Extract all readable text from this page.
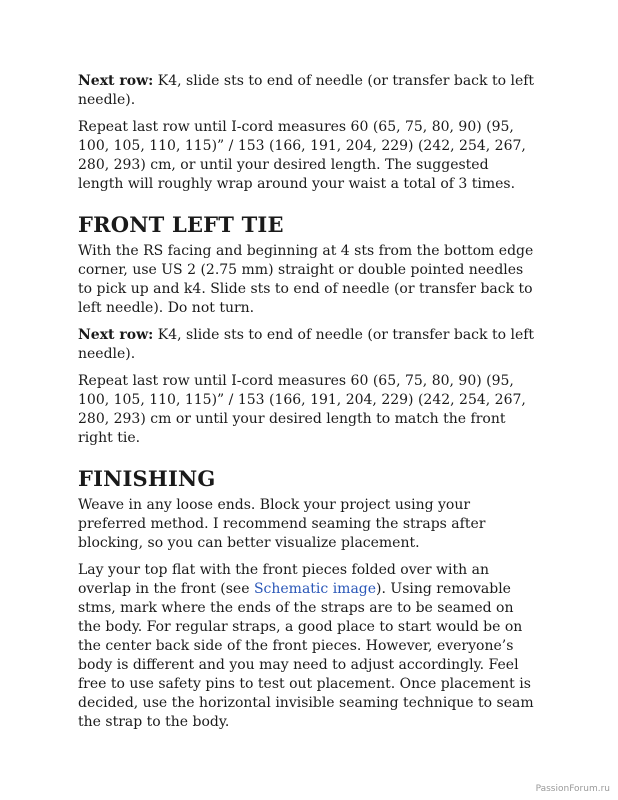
Next row: K4, slide sts to end of needle (or transfer back to left needle).

Repeat last row until I-cord measures 60 (65, 75, 80, 90) (95, 100, 105, 110, 115)” / 153 (166, 191, 204, 229) (242, 254, 267, 280, 293) cm, or until your desired length. The suggested length will roughly wrap around your waist a total of 3 times.

FRONT LEFT TIE

With the RS facing and beginning at 4 sts from the bottom edge corner, use US 2 (2.75 mm) straight or double pointed needles to pick up and k4. Slide sts to end of needle (or transfer back to left needle). Do not turn.

Next row: K4, slide sts to end of needle (or transfer back to left needle).

Repeat last row until I-cord measures 60 (65, 75, 80, 90) (95, 100, 105, 110, 115)” / 153 (166, 191, 204, 229) (242, 254, 267, 280, 293) cm or until your desired length to match the front right tie.

FINISHING

Weave in any loose ends. Block your project using your preferred method. I recommend seaming the straps after blocking, so you can better visualize placement.

Lay your top flat with the front pieces folded over with an overlap in the front (see Schematic image). Using removable stms, mark where the ends of the straps are to be seamed on the body. For regular straps, a good place to start would be on the center back side of the front pieces. However, everyone’s body is different and you may need to adjust accordingly. Feel free to use safety pins to test out placement. Once placement is decided, use the horizontal invisible seaming technique to seam the strap to the body.

PassionForum.ru
